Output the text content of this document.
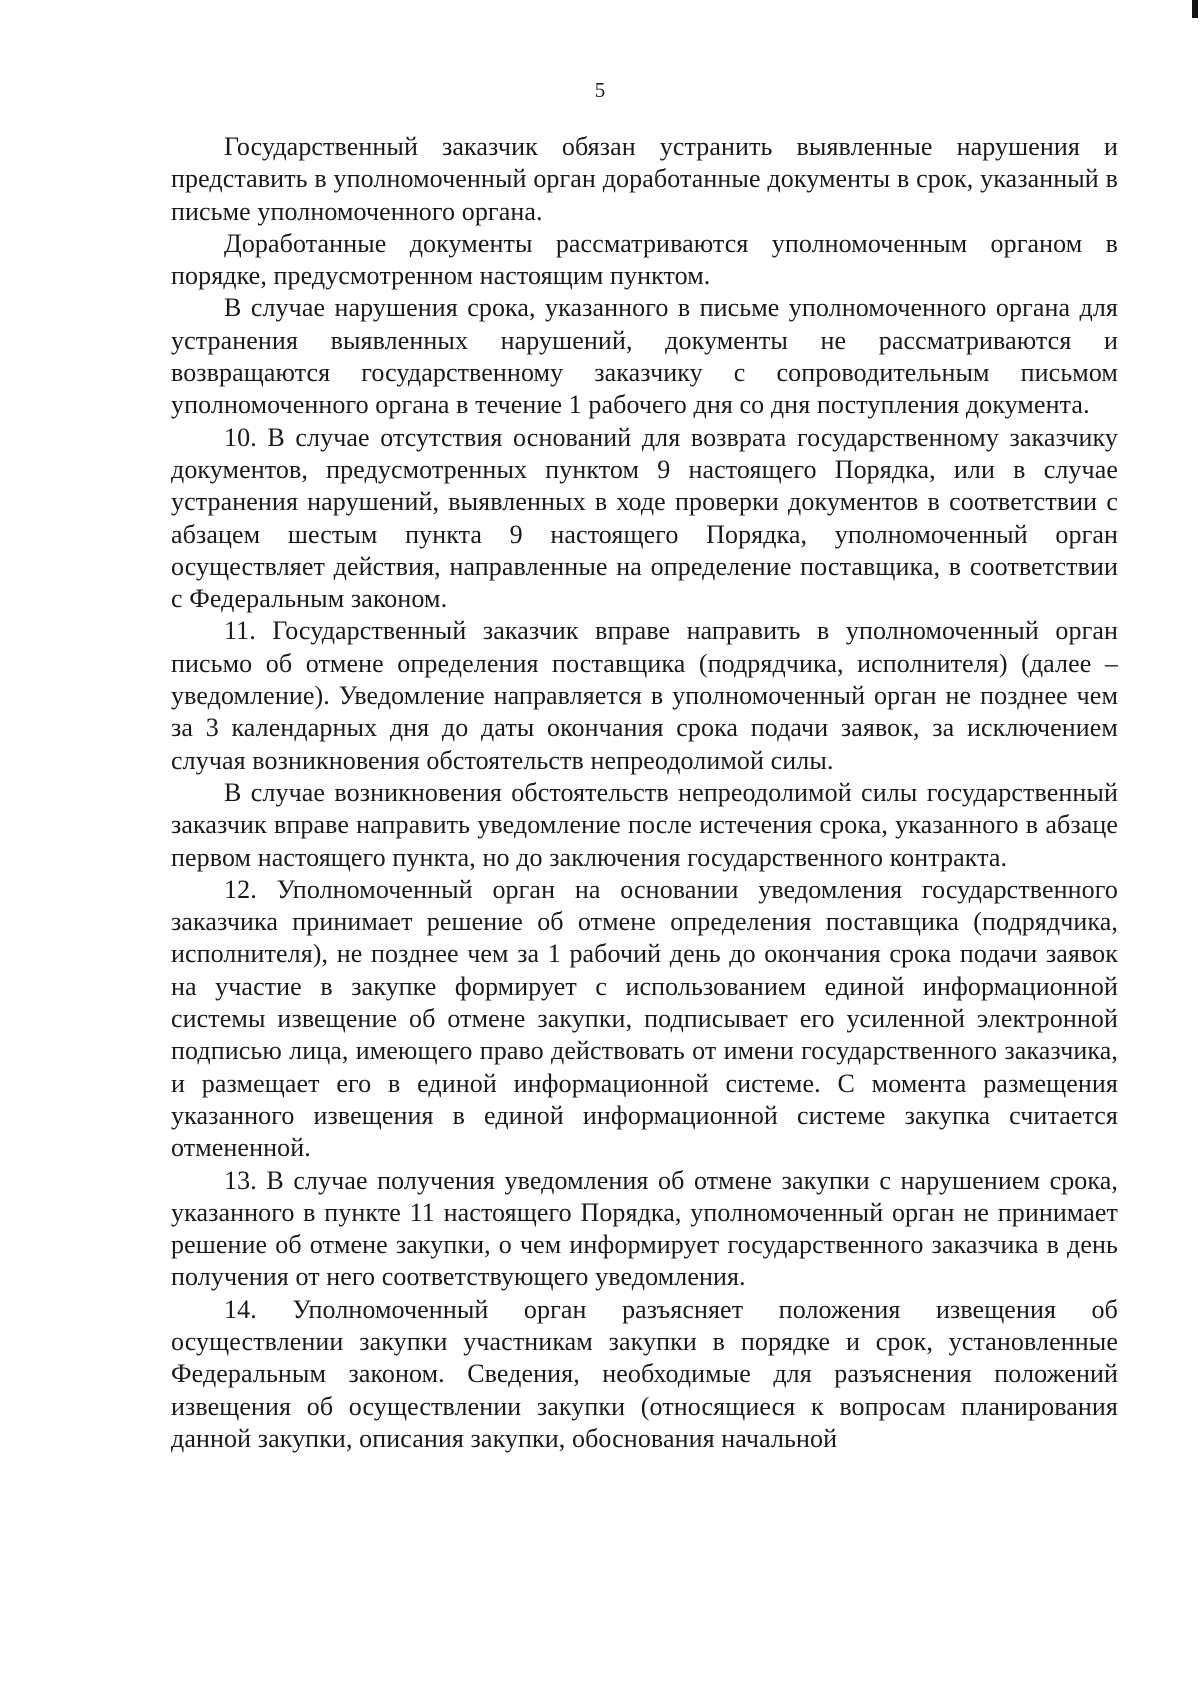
5

Государственный заказчик обязан устранить выявленные нарушения и представить в уполномоченный орган доработанные документы в срок, указанный в письме уполномоченного органа.

Доработанные документы рассматриваются уполномоченным органом в порядке, предусмотренном настоящим пунктом.

В случае нарушения срока, указанного в письме уполномоченного органа для устранения выявленных нарушений, документы не рассматриваются и возвращаются государственному заказчику с сопроводительным письмом уполномоченного органа в течение 1 рабочего дня со дня поступления документа.

10. В случае отсутствия оснований для возврата государственному заказчику документов, предусмотренных пунктом 9 настоящего Порядка, или в случае устранения нарушений, выявленных в ходе проверки документов в соответствии с абзацем шестым пункта 9 настоящего Порядка, уполномоченный орган осуществляет действия, направленные на определение поставщика, в соответствии с Федеральным законом.

11. Государственный заказчик вправе направить в уполномоченный орган письмо об отмене определения поставщика (подрядчика, исполнителя) (далее – уведомление). Уведомление направляется в уполномоченный орган не позднее чем за 3 календарных дня до даты окончания срока подачи заявок, за исключением случая возникновения обстоятельств непреодолимой силы.

В случае возникновения обстоятельств непреодолимой силы государственный заказчик вправе направить уведомление после истечения срока, указанного в абзаце первом настоящего пункта, но до заключения государственного контракта.

12. Уполномоченный орган на основании уведомления государственного заказчика принимает решение об отмене определения поставщика (подрядчика, исполнителя), не позднее чем за 1 рабочий день до окончания срока подачи заявок на участие в закупке формирует с использованием единой информационной системы извещение об отмене закупки, подписывает его усиленной электронной подписью лица, имеющего право действовать от имени государственного заказчика, и размещает его в единой информационной системе. С момента размещения указанного извещения в единой информационной системе закупка считается отмененной.

13. В случае получения уведомления об отмене закупки с нарушением срока, указанного в пункте 11 настоящего Порядка, уполномоченный орган не принимает решение об отмене закупки, о чем информирует государственного заказчика в день получения от него соответствующего уведомления.

14. Уполномоченный орган разъясняет положения извещения об осуществлении закупки участникам закупки в порядке и срок, установленные Федеральным законом. Сведения, необходимые для разъяснения положений извещения об осуществлении закупки (относящиеся к вопросам планирования данной закупки, описания закупки, обоснования начальной
